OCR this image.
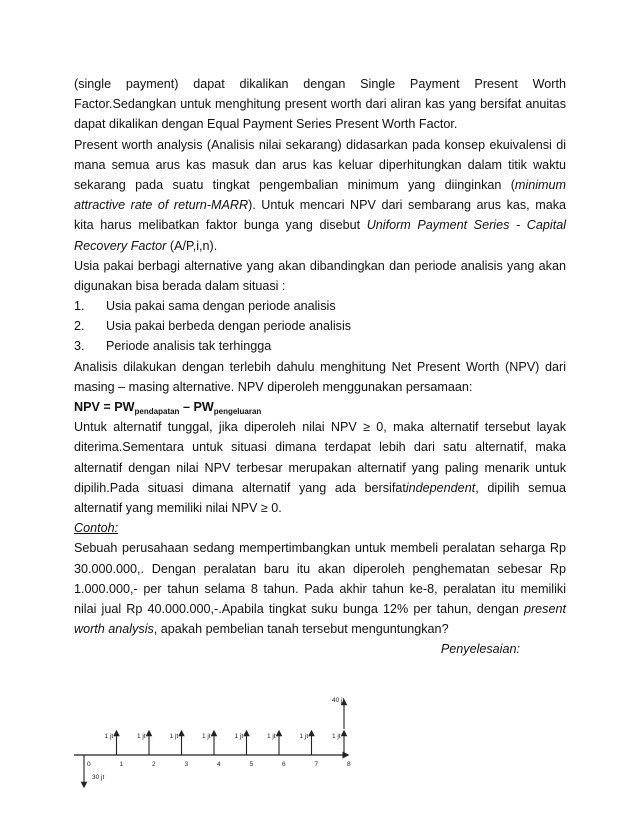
(single payment) dapat dikalikan dengan Single Payment Present Worth
Factor.Sedangkan untuk menghitung present worth dari aliran kas yang bersifat anuitas
dapat dikalikan dengan Equal Payment Series Present Worth Factor.
Present worth analysis (Analisis nilai sekarang) didasarkan pada konsep ekuivalensi di
mana semua arus kas masuk dan arus kas keluar diperhitungkan dalam titik waktu
sekarang pada suatu tingkat pengembalian minimum yang diinginkan (minimum
attractive rate of return-MARR). Untuk mencari NPV dari sembarang arus kas, maka
kita harus melibatkan faktor bunga yang disebut Uniform Payment Series - Capital
Recovery Factor (A/P,i,n).
Usia pakai berbagi alternative yang akan dibandingkan dan periode analisis yang akan
digunakan bisa berada dalam situasi :
1. Usia pakai sama dengan periode analisis
2. Usia pakai berbeda dengan periode analisis
3. Periode analisis tak terhingga
Analisis dilakukan dengan terlebih dahulu menghitung Net Present Worth (NPV) dari
masing – masing alternative. NPV diperoleh menggunakan persamaan:
NPV = $PW_{pendapatan} - PW_{pengeluaran}$
Untuk alternatif tunggal, jika diperoleh nilai NPV ≥ 0, maka alternatif tersebut layak
diterima.Sementara untuk situasi dimana terdapat lebih dari satu alternatif, maka
alternatif dengan nilai NPV terbesar merupakan alternatif yang paling menarik untuk
dipilih.Pada situasi dimana alternatif yang ada bersifatindependent, dipilih semua
alternatif yang memiliki nilai NPV ≥ 0.
Contoh:
Sebuah perusahaan sedang mempertimbangkan untuk membeli peralatan seharga Rp
30.000.000,. Dengan peralatan baru itu akan diperoleh penghematan sebesar Rp
1.000.000,- per tahun selama 8 tahun. Pada akhir tahun ke-8, peralatan itu memiliki
nilai jual Rp 40.000.000,-.Apabila tingkat suku bunga 12% per tahun, dengan present
worth analysis, apakah pembelian tanah tersebut menguntungkan?
Penyelesaian:
0	1	2	3	4	5	6	7	8
30 jt
1 jt	1 jt	1 jt	1 jt	1 jt	1 jt	1 jt	1 jt
40 jt
